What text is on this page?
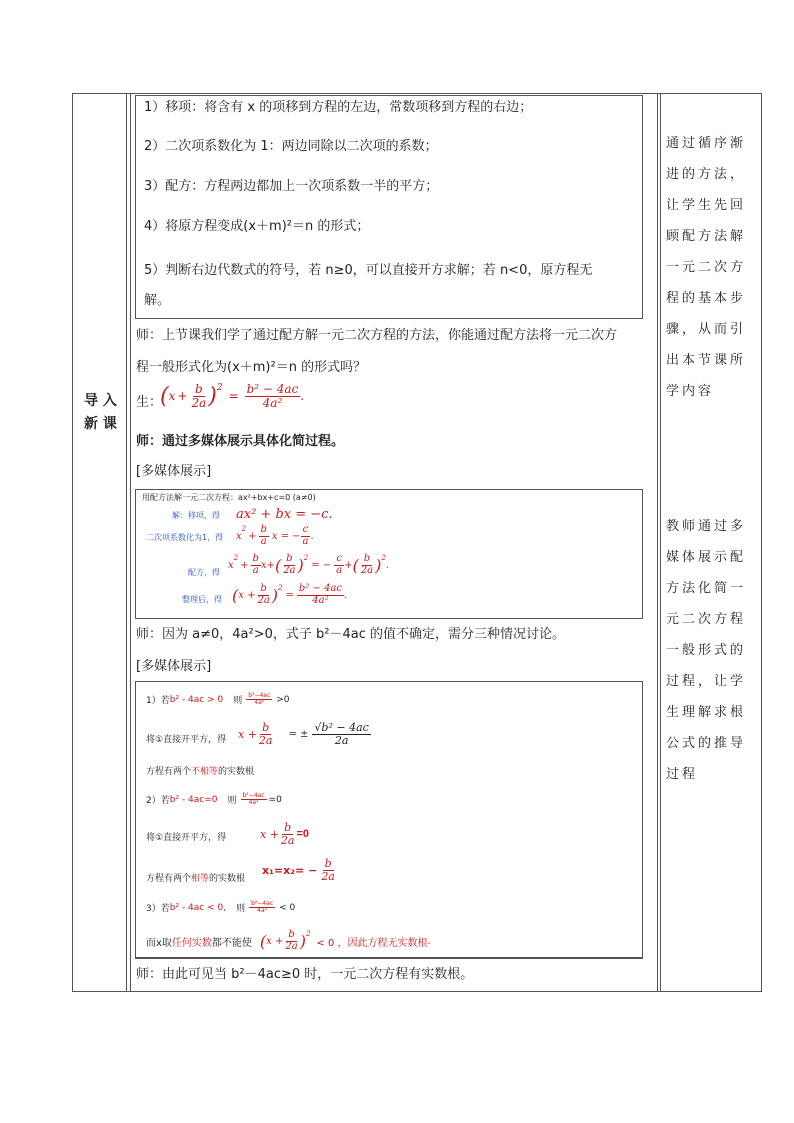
导 入
新 课
1）移项：将含有 x 的项移到方程的左边，常数项移到方程的右边；
2）二次项系数化为 1：两边同除以二次项的系数；
3）配方：方程两边都加上一次项系数一半的平方；
4）将原方程变成(x＋m)²＝n 的形式；
5）判断右边代数式的符号，若 n≥0，可以直接开方求解；若 n<0，原方程无
解。
师：上节课我们学了通过配方解一元二次方程的方法，你能通过配方法将一元二次方
程一般形式化为(x＋m)²＝n 的形式吗？
生：
( $x + \frac{b}{2a} )^2$
= $\frac{\text{b² − 4ac}}{\text{4a²}}$ .
师：通过多媒体展示具体化简过程。
[多媒体展示]
用配方法解一元二次方程：ax²+bx+c=0 (a≠0)
解：移项，得 ax² + bx = −c.
二次项系数化为1，得 x
$^2$
+ $\frac{b}{a}$ x = − $\frac{c}{a}$ .
配方，得
x
$^2$
+ $\frac{b}{a} x+$ ( $\frac{b}{2a} )^2$
= − $\frac{c}{a}$ + ( $\frac{b}{2a} )^2$
.
整理后，得 ( $x + \frac{b}{2a} )^2$
= $\frac{\text{b² − 4ac}}{\text{4a²}}$ .
师：因为 a≠0，4a²>0，式子 b²－4ac 的值不确定，需分三种情况讨论。
[多媒体展示]
1）若 b² - 4ac > 0	则 $\frac{\text{b²−4ac}}{\text{4a²}} >0$
将①直接开平方，得 $x + \frac{b}{2a}$	= ± $\frac{\text{√b² − 4ac}}{2a}$
方程有两个不相等的实数根
2）若 b² - 4ac=0	则 $\frac{\text{b²−4ac}}{\text{4a²}} =0$
将①直接开平方，得	$x + \frac{b}{2a} =0$
方程有两个相等的实数根
$x_1=x_2= - \frac{b}{2a}$
3）若 b² - 4ac < 0,	则 $\frac{\text{b²−4ac}}{\text{4a²}} < 0$
而x取 任何实数 都不能使 ( $x + \frac{b}{2a} )^2$
< 0 ，因此方程 无实数根 .
师：由此可见当 b²－4ac≥0 时，一元二次方程有实数根。
通过循序渐进的方法，让学生先回顾配方法解一元二次方程的基本步骤，从而引出本节课所学内容
教师通过多媒体展示配方法化简一元二次方程一般形式的过程，让学生理解求根公式的推导过程
